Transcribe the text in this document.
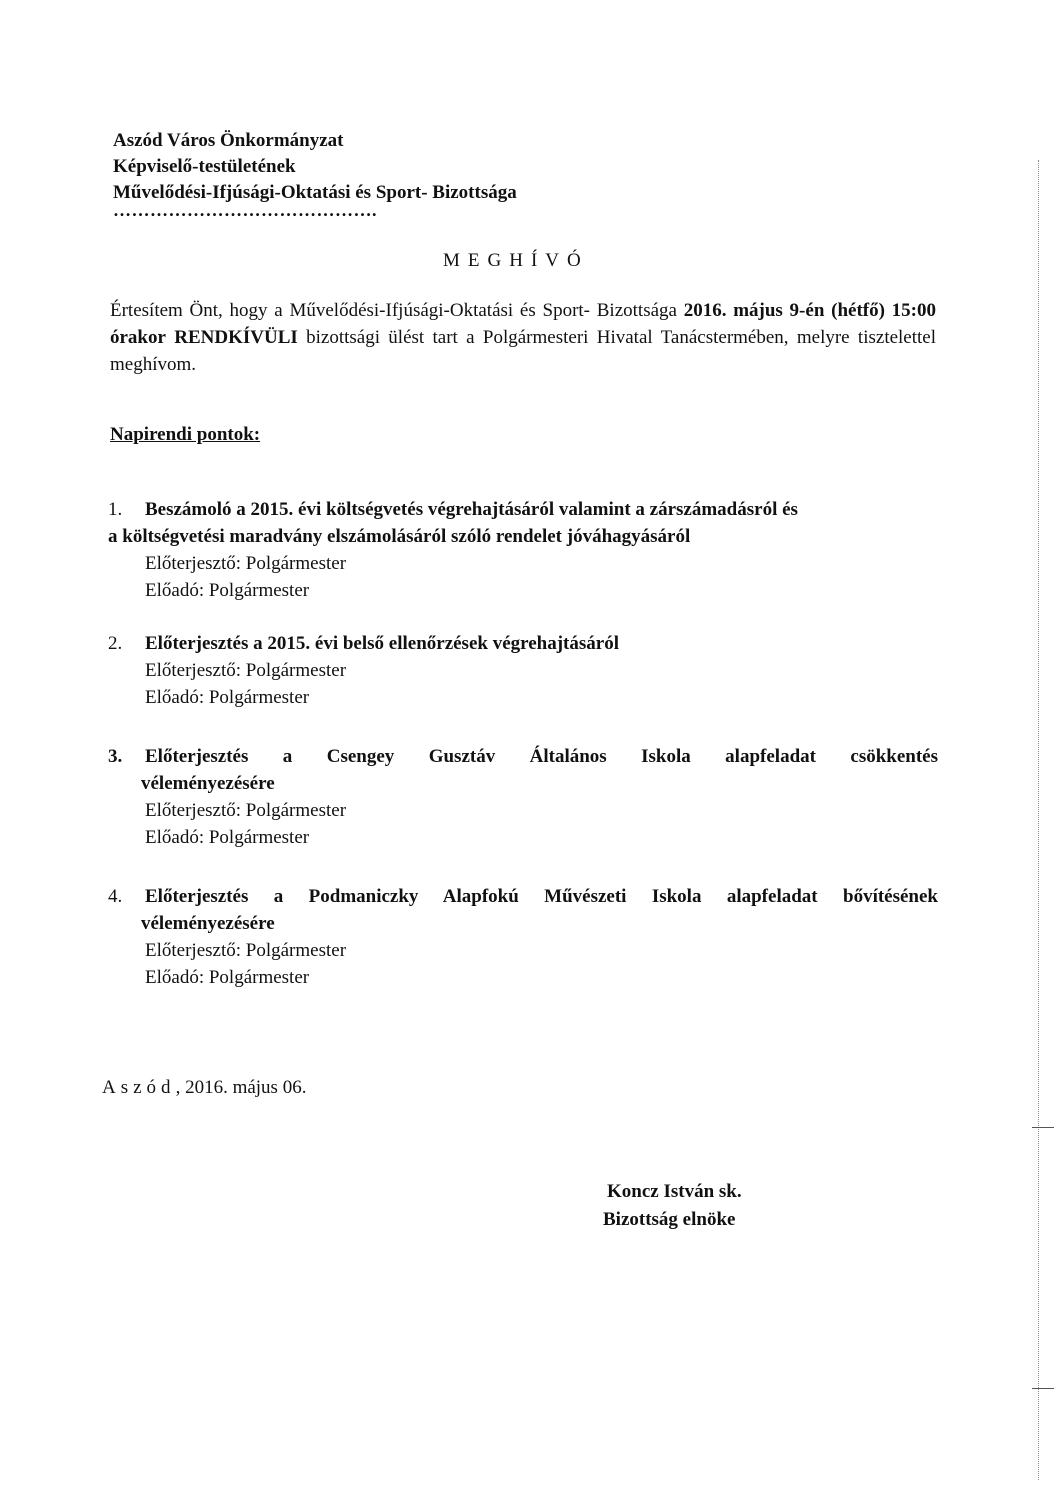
Aszód Város Önkormányzat
Képviselő-testületének
Művelődési-Ifjúsági-Oktatási és Sport- Bizottsága
…………………………………….
MEGHÍVÓ
Értesítem Önt, hogy a Művelődési-Ifjúsági-Oktatási és Sport- Bizottsága 2016. május 9-én (hétfő) 15:00 órakor RENDKÍVÜLI bizottsági ülést tart a Polgármesteri Hivatal Tanácstermében, melyre tisztelettel meghívom.
Napirendi pontok:
1.	Beszámoló a 2015. évi költségvetés végrehajtásáról valamint a zárszámadásról és
a költségvetési maradvány elszámolásáról szóló rendelet jóváhagyásáról
Előterjesztő: Polgármester
Előadó: Polgármester
2.	Előterjesztés a 2015. évi belső ellenőrzések végrehajtásáról
Előterjesztő: Polgármester
Előadó: Polgármester
3.	Előterjesztés a Csengey Gusztáv Általános Iskola alapfeladat csökkentés
véleményezésére
Előterjesztő: Polgármester
Előadó: Polgármester
4.	Előterjesztés a Podmaniczky Alapfokú Művészeti Iskola alapfeladat bővítésének
véleményezésére
Előterjesztő: Polgármester
Előadó: Polgármester
Aszód, 2016. május 06.
Koncz István sk.
Bizottság elnöke
